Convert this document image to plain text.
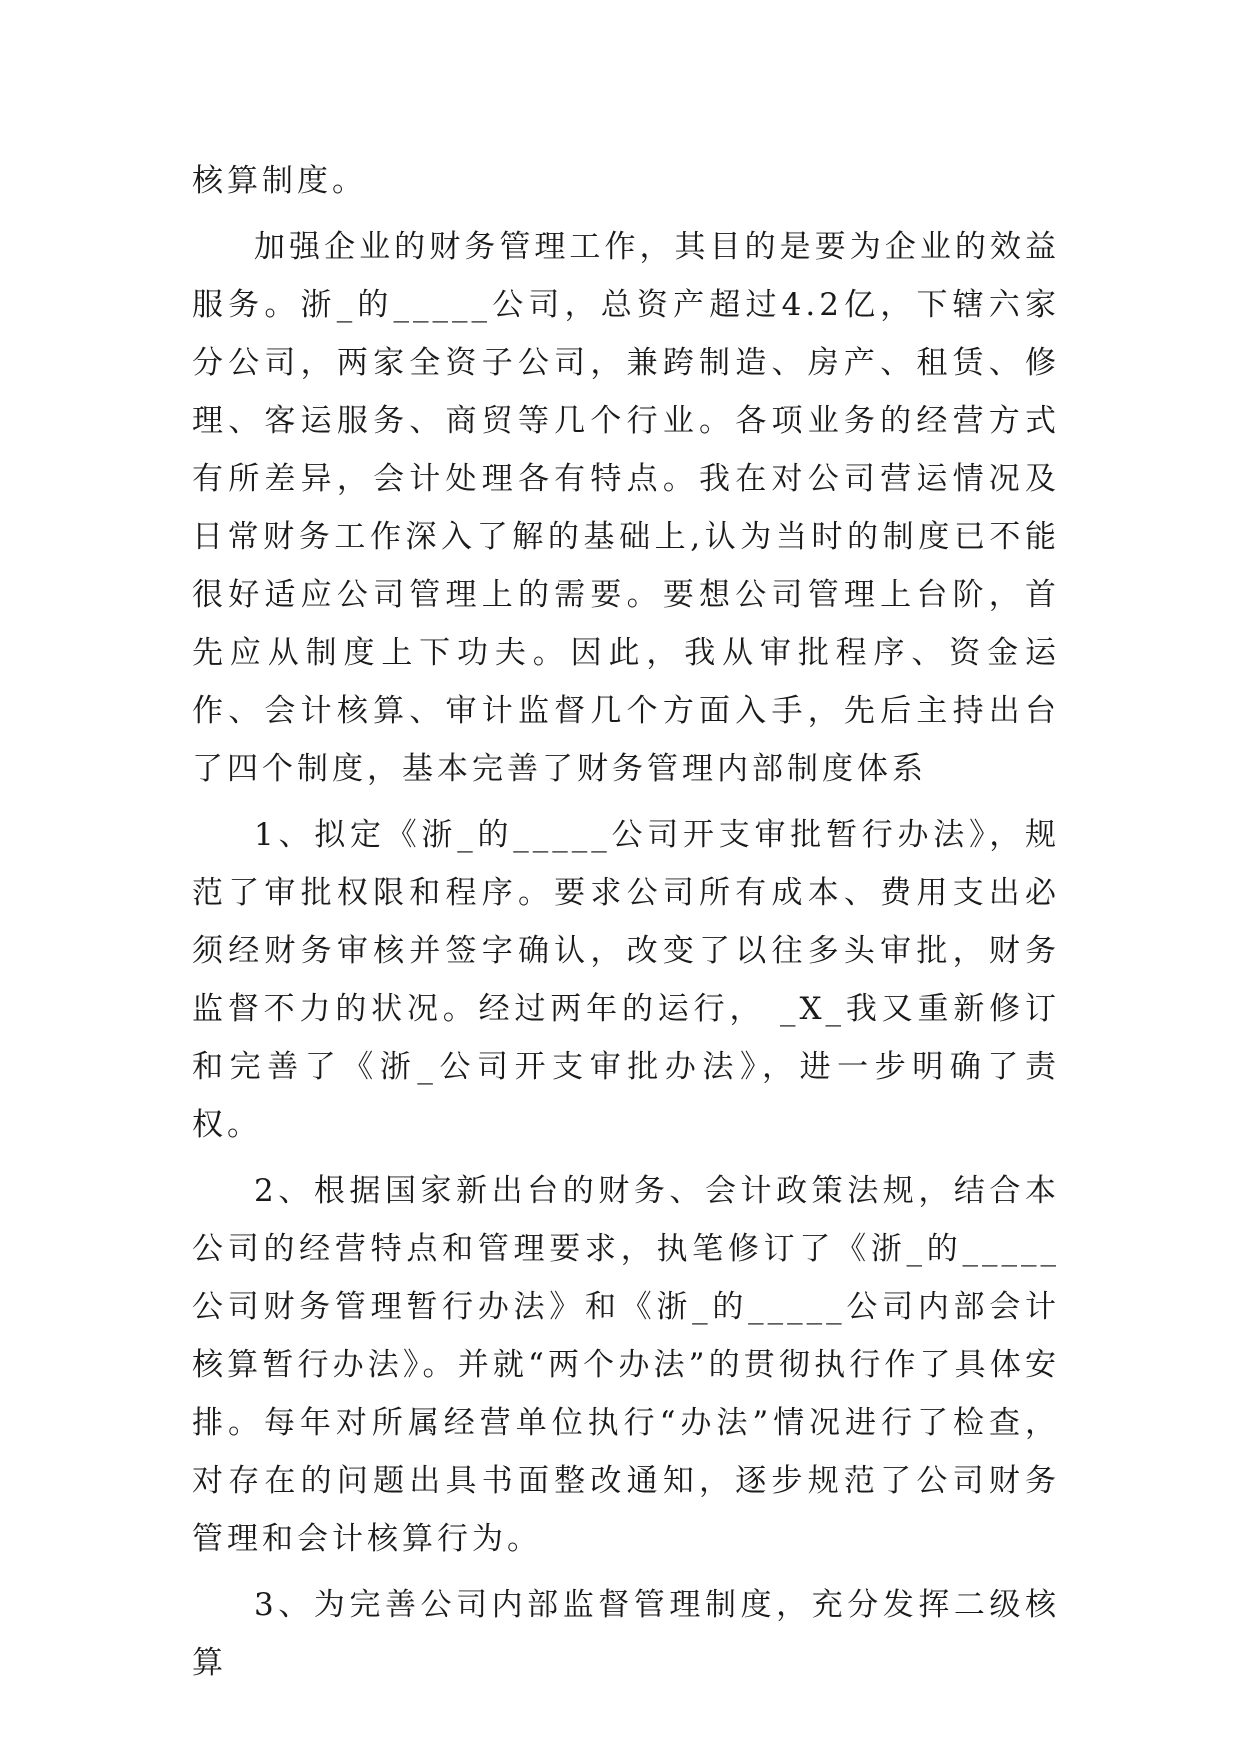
核算制度。

加强企业的财务管理工作，其目的是要为企业的效益服务。浙_的_____公司，总资产超过4.2亿，下辖六家分公司，两家全资子公司，兼跨制造、房产、租赁、修理、客运服务、商贸等几个行业。各项业务的经营方式有所差异，会计处理各有特点。我在对公司营运情况及日常财务工作深入了解的基础上,认为当时的制度已不能很好适应公司管理上的需要。要想公司管理上台阶，首先应从制度上下功夫。因此，我从审批程序、资金运作、会计核算、审计监督几个方面入手，先后主持出台了四个制度，基本完善了财务管理内部制度体系

1、拟定《浙_的_____公司开支审批暂行办法》，规范了审批权限和程序。要求公司所有成本、费用支出必须经财务审核并签字确认，改变了以往多头审批，财务监督不力的状况。经过两年的运行， _X_我又重新修订和完善了《浙_公司开支审批办法》，进一步明确了责权。

2、根据国家新出台的财务、会计政策法规，结合本公司的经营特点和管理要求，执笔修订了《浙_的_____公司财务管理暂行办法》和《浙_的_____公司内部会计核算暂行办法》。并就“两个办法”的贯彻执行作了具体安排。每年对所属经营单位执行“办法”情况进行了检查，对存在的问题出具书面整改通知，逐步规范了公司财务管理和会计核算行为。

3、为完善公司内部监督管理制度，充分发挥二级核算
